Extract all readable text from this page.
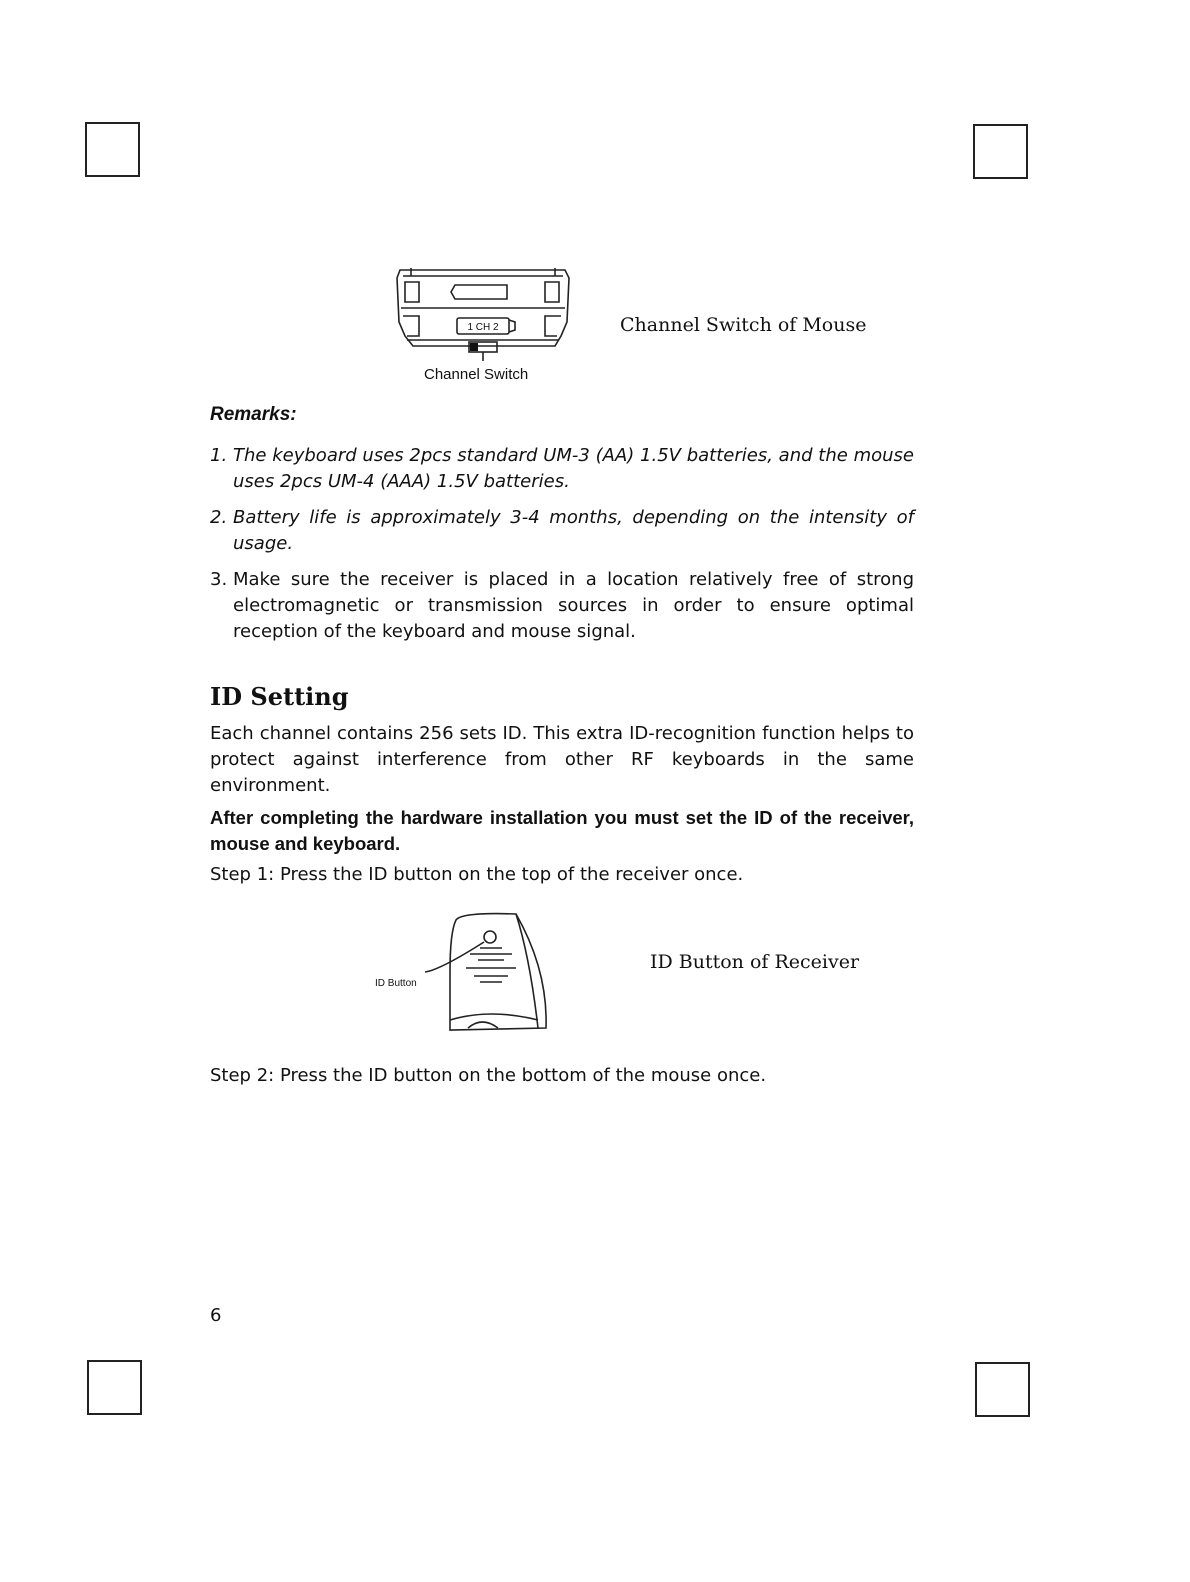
1 CH 2
Channel Switch
Channel Switch of Mouse
Remarks:
1. The keyboard uses 2pcs standard UM-3 (AA) 1.5V batteries, and the mouse uses 2pcs UM-4 (AAA) 1.5V batteries.
2. Battery life is approximately 3-4 months, depending on the intensity of usage.
3. Make sure the receiver is placed in a location relatively free of strong electromagnetic or transmission sources in order to ensure optimal reception of the keyboard and mouse signal.
ID Setting
Each channel contains 256 sets ID. This extra ID-recognition function helps to protect against interference from other RF keyboards in the same environment.
After completing the hardware installation you must set the ID of the receiver, mouse and keyboard.
Step 1: Press the ID button on the top of the receiver once.
ID Button
ID Button of Receiver
Step 2: Press the ID button on the bottom of the mouse once.
6
